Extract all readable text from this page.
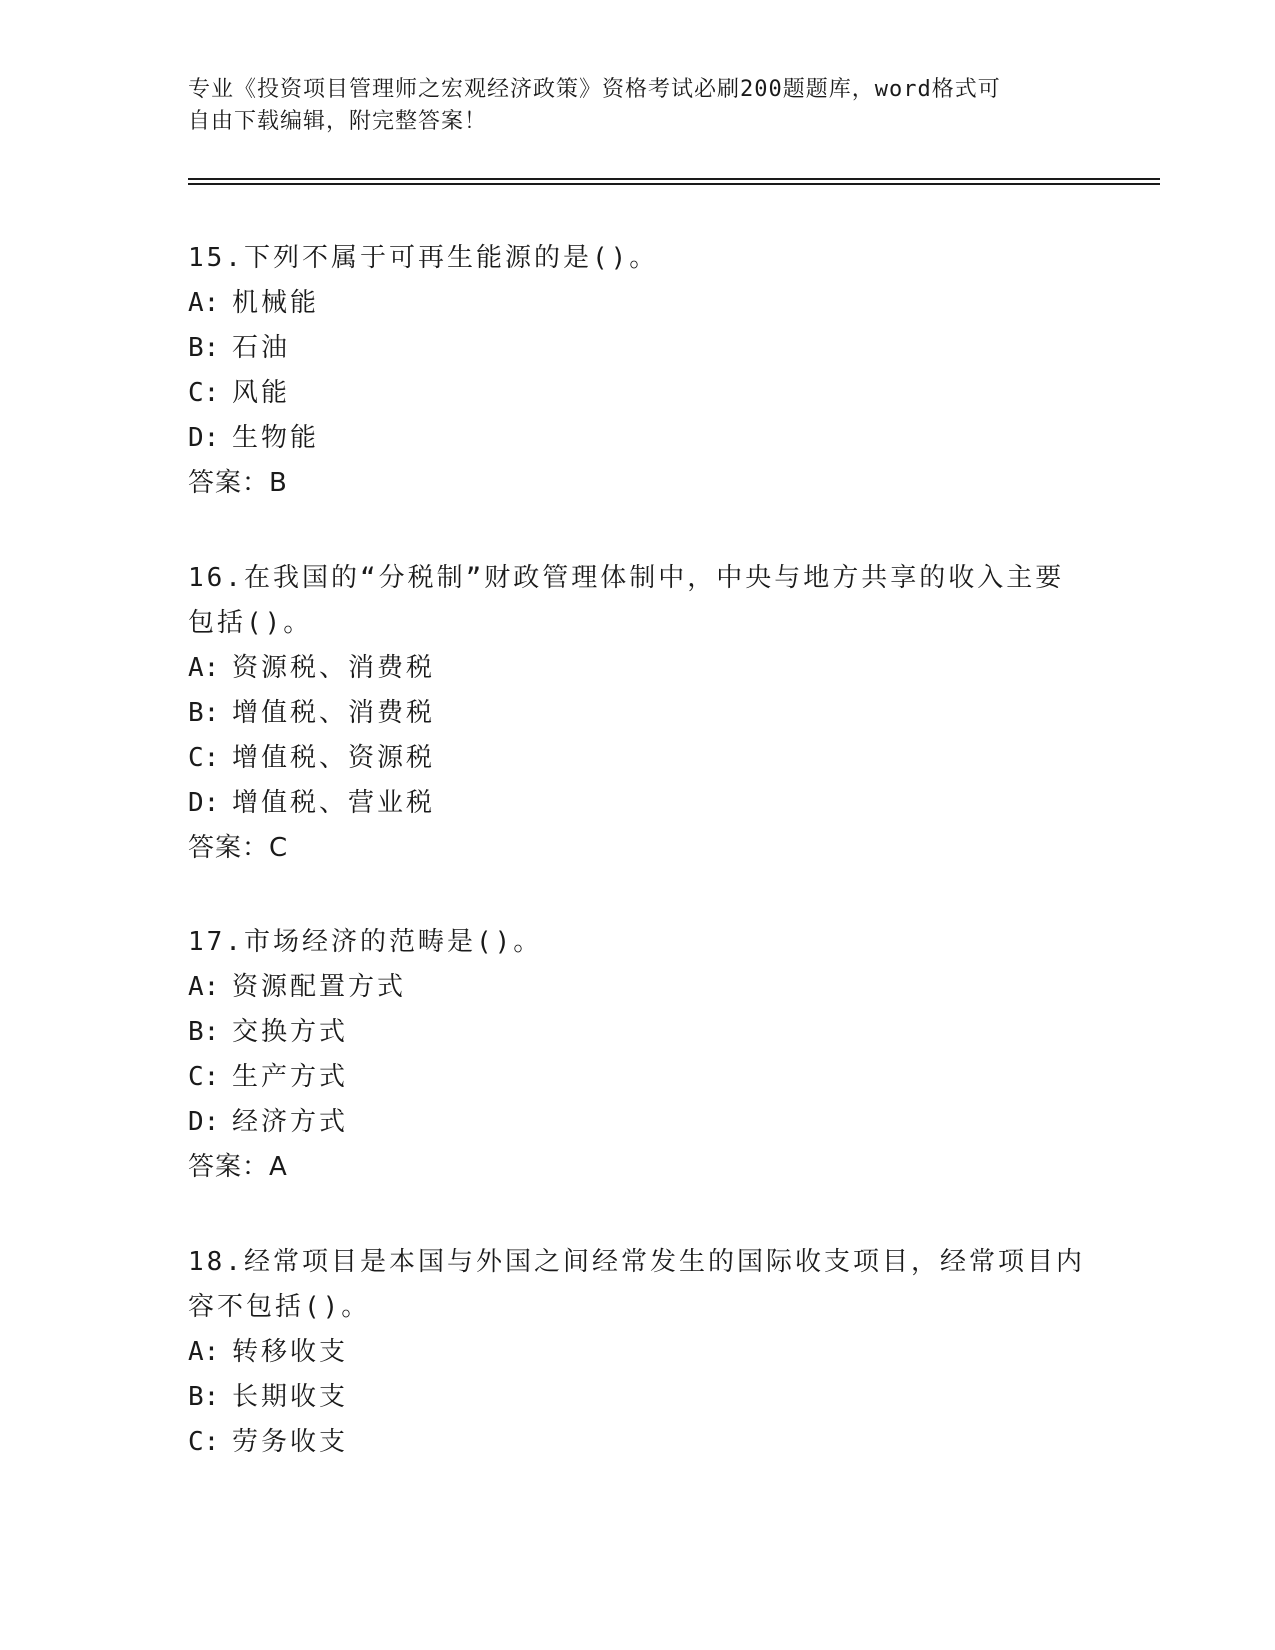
专业《投资项目管理师之宏观经济政策》资格考试必刷200题题库，word格式可
自由下载编辑，附完整答案！

15.下列不属于可再生能源的是()。

A: 机械能

B: 石油

C: 风能

D: 生物能

答案：B

16.在我国的“分税制”财政管理体制中，中央与地方共享的收入主要

包括()。

A: 资源税、消费税

B: 增值税、消费税

C: 增值税、资源税

D: 增值税、营业税

答案：C

17.市场经济的范畴是()。

A: 资源配置方式

B: 交换方式

C: 生产方式

D: 经济方式

答案：A

18.经常项目是本国与外国之间经常发生的国际收支项目，经常项目内

容不包括()。

A: 转移收支

B: 长期收支

C: 劳务收支
